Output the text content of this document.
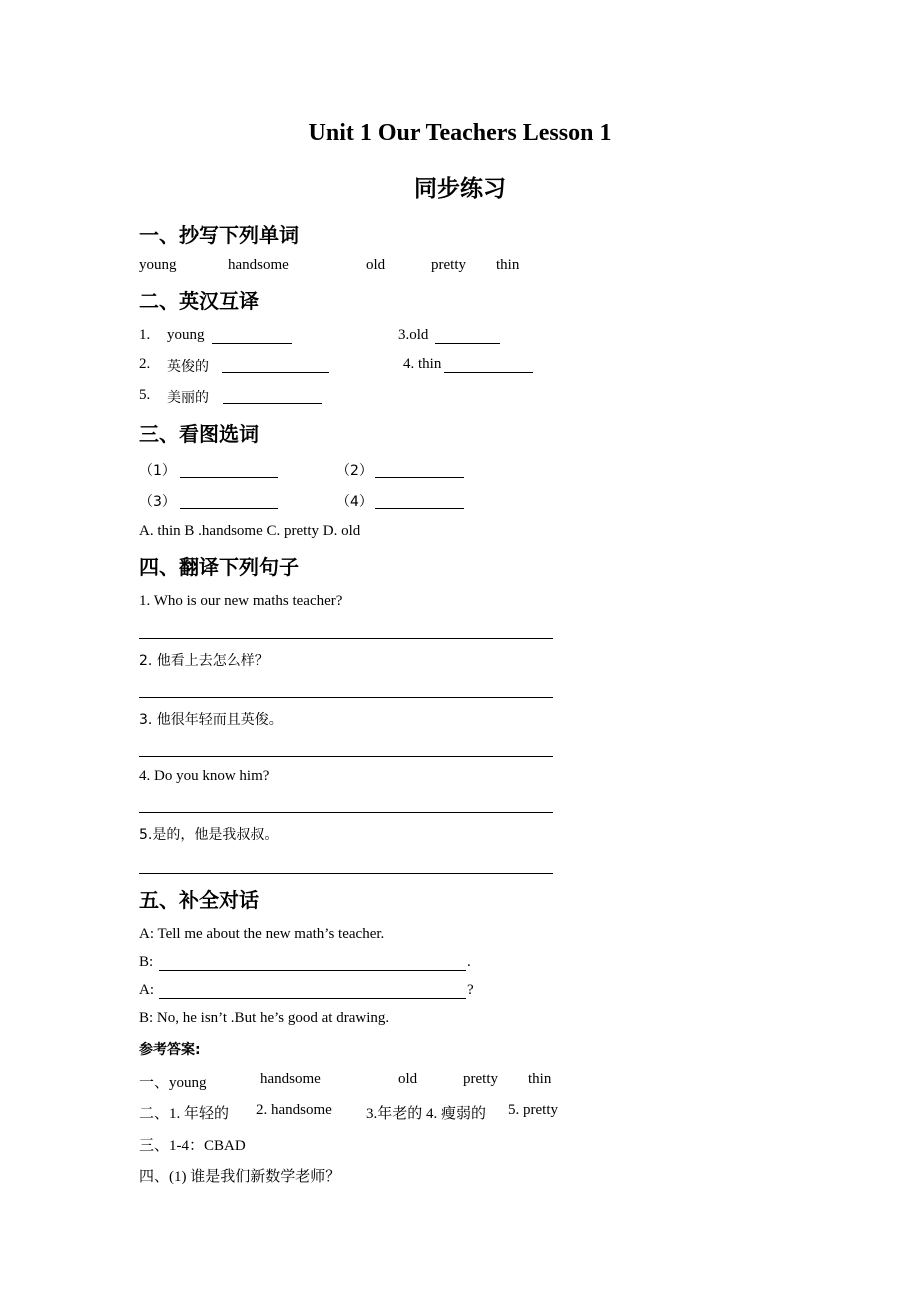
Unit 1 Our Teachers Lesson 1
同步练习
一、抄写下列单词
young	handsome	old	pretty thin
二、英汉互译
1. young	3.old
2. 英俊的	4. thin
5. 美丽的
三、看图选词
（1）	（2）
（3）	（4）
A. thin B .handsome C. pretty D. old
四、翻译下列句子
1. Who is our new maths teacher?
2. 他看上去怎么样？
3. 他很年轻而且英俊。
4. Do you know him?
5.是的，他是我叔叔。
五、补全对话
A: Tell me about the new math’s teacher.
B:	.
A:	?
B: No, he isn’t .But he’s good at drawing.
参考答案:
一、young	handsome	old	pretty thin
二、1. 年轻的 2. handsome 3.年老的 4. 瘦弱的 5. pretty
三、1-4：CBAD
四、(1) 谁是我们新数学老师？
